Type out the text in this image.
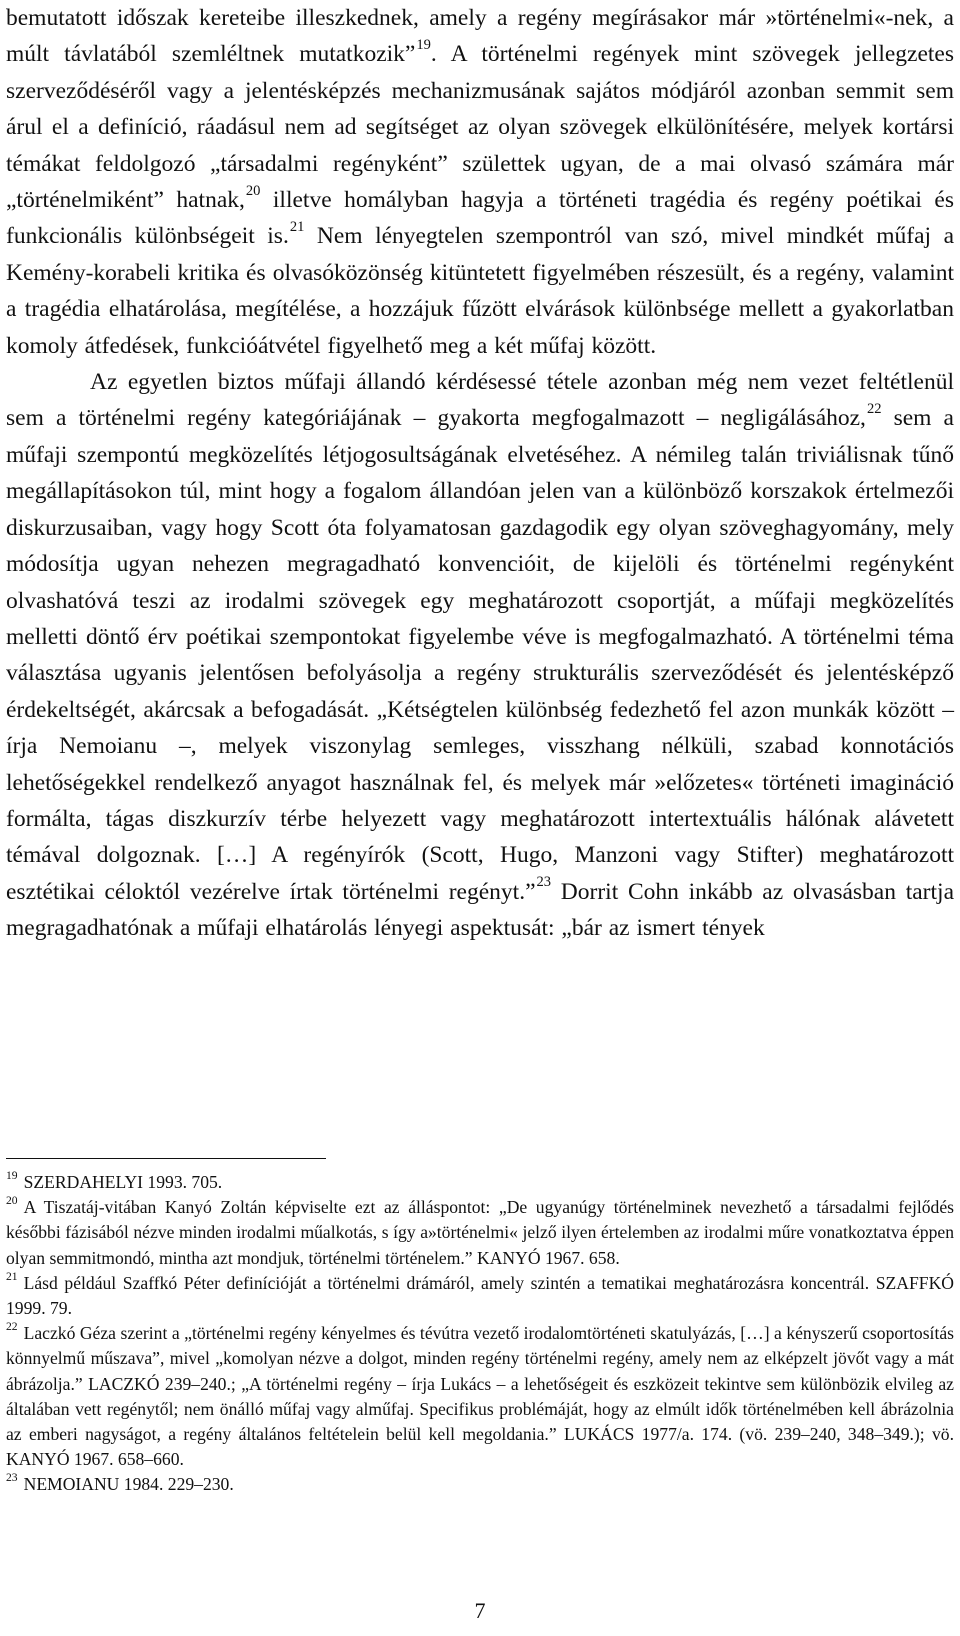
bemutatott időszak kereteibe illeszkednek, amely a regény megírásakor már »történelmi«-nek, a múlt távlatából szemléltnek mutatkozik”$^{19}$. A történelmi regények mint szövegek jellegzetes szerveződéséről vagy a jelentésképzés mechanizmusának sajátos módjáról azonban semmit sem árul el a definíció, ráadásul nem ad segítséget az olyan szövegek elkülönítésére, melyek kortársi témákat feldolgozó „társadalmi regényként” születtek ugyan, de a mai olvasó számára már „történelmiként” hatnak,$^{20}$ illetve homályban hagyja a történeti tragédia és regény poétikai és funkcionális különbségeit is.$^{21}$ Nem lényegtelen szempontról van szó, mivel mindkét műfaj a Kemény-korabeli kritika és olvasóközönség kitüntetett figyelmében részesült, és a regény, valamint a tragédia elhatárolása, megítélése, a hozzájuk fűzött elvárások különbsége mellett a gyakorlatban komoly átfedések, funkcióátvétel figyelhető meg a két műfaj között.

Az egyetlen biztos műfaji állandó kérdésessé tétele azonban még nem vezet feltétlenül sem a történelmi regény kategóriájának – gyakorta megfogalmazott – negligálásához,$^{22}$ sem a műfaji szempontú megközelítés létjogosultságának elvetéséhez. A némileg talán triviálisnak tűnő megállapításokon túl, mint hogy a fogalom állandóan jelen van a különböző korszakok értelmezői diskurzusaiban, vagy hogy Scott óta folyamatosan gazdagodik egy olyan szöveghagyomány, mely módosítja ugyan nehezen megragadható konvencióit, de kijelöli és történelmi regényként olvashatóvá teszi az irodalmi szövegek egy meghatározott csoportját, a műfaji megközelítés melletti döntő érv poétikai szempontokat figyelembe véve is megfogalmazható. A történelmi téma választása ugyanis jelentősen befolyásolja a regény strukturális szerveződését és jelentésképző érdekeltségét, akárcsak a befogadását. „Kétségtelen különbség fedezhető fel azon munkák között – írja Nemoianu –, melyek viszonylag semleges, visszhang nélküli, szabad konnotációs lehetőségekkel rendelkező anyagot használnak fel, és melyek már »előzetes« történeti imagináció formálta, tágas diszkurzív térbe helyezett vagy meghatározott intertextuális hálónak alávetett témával dolgoznak. […] A regényírók (Scott, Hugo, Manzoni vagy Stifter) meghatározott esztétikai céloktól vezérelve írtak történelmi regényt.”$^{23}$ Dorrit Cohn inkább az olvasásban tartja megragadhatónak a műfaji elhatárolás lényegi aspektusát: „bár az ismert tények

$^{19}$ SZERDAHELYI 1993. 705.

$^{20}$ A Tiszatáj-vitában Kanyó Zoltán képviselte ezt az álláspontot: „De ugyanúgy történelminek nevezhető a társadalmi fejlődés későbbi fázisából nézve minden irodalmi műalkotás, s így a»történelmi« jelző ilyen értelemben az irodalmi műre vonatkoztatva éppen olyan semmitmondó, mintha azt mondjuk, történelmi történelem.” KANYÓ 1967. 658.

$^{21}$ Lásd például Szaffkó Péter definícióját a történelmi drámáról, amely szintén a tematikai meghatározásra koncentrál. SZAFFKÓ 1999. 79.

$^{22}$ Laczkó Géza szerint a „történelmi regény kényelmes és tévútra vezető irodalomtörténeti skatulyázás, […] a kényszerű csoportosítás könnyelmű műszava”, mivel „komolyan nézve a dolgot, minden regény történelmi regény, amely nem az elképzelt jövőt vagy a mát ábrázolja.” LACZKÓ 239–240.; „A történelmi regény – írja Lukács – a lehetőségeit és eszközeit tekintve sem különbözik elvileg az általában vett regénytől; nem önálló műfaj vagy alműfaj. Specifikus problémáját, hogy az elmúlt idők történelmében kell ábrázolnia az emberi nagyságot, a regény általános feltételein belül kell megoldania.” LUKÁCS 1977/a. 174. (vö. 239–240, 348–349.); vö. KANYÓ 1967. 658–660.

$^{23}$ NEMOIANU 1984. 229–230.

7
